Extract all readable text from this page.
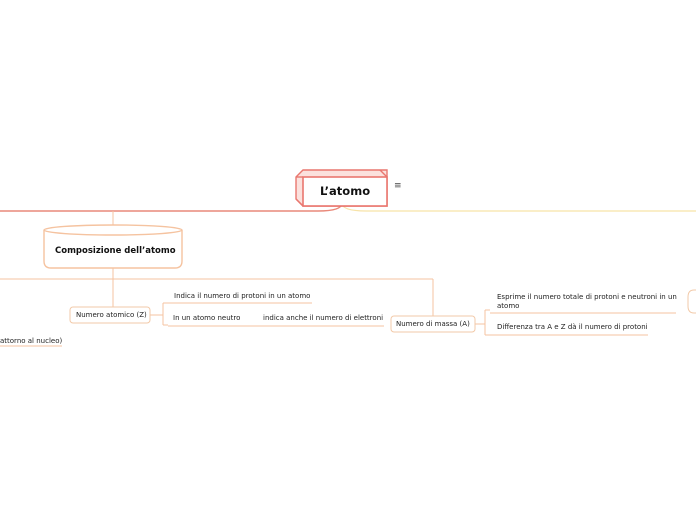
L’atomo	≡
Composizione dell’atomo
Numero atomico (Z)
Indica il numero di protoni in un atomo
In un atomo neutro	indica anche il numero di elettroni
Numero di massa (A)
Esprime il numero totale di protoni e neutroni in un
atomo
Differenza tra A e Z dà il numero di protoni
attorno al nucleo)
